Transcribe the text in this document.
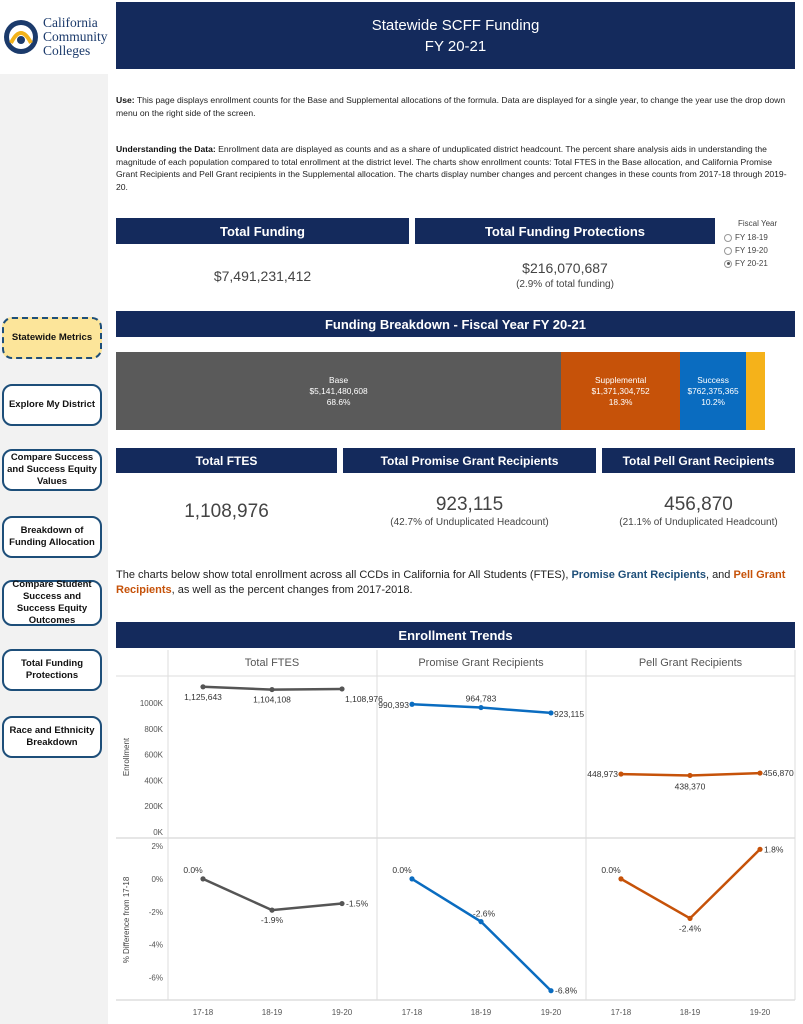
California
Community
Colleges
Statewide Metrics
Explore My District
Compare Success and Success Equity Values
Breakdown of Funding Allocation
Compare Student Success and Success Equity Outcomes
Total Funding Protections
Race and Ethnicity Breakdown
Statewide SCFF Funding
FY 20-21
Use: This page displays enrollment counts for the Base and Supplemental allocations of the formula. Data are displayed for a single year, to change the year use the drop down menu on the right side of the screen.
Understanding the Data: Enrollment data are displayed as counts and as a share of unduplicated district headcount. The percent share analysis aids in understanding the magnitude of each population compared to total enrollment at the district level. The charts show enrollment counts: Total FTES in the Base allocation, and California Promise Grant Recipients and Pell Grant recipients in the Supplemental allocation. The charts display number changes and percent changes in these counts from 2017-18 through 2019-20.
Total Funding	Total Funding Protections
$7,491,231,412	$216,070,687
(2.9% of total funding)
Fiscal Year
FY 18-19
FY 19-20
FY 20-21
Funding Breakdown - Fiscal Year FY 20-21
Base
$5,141,480,608
68.6%
Supplemental
$1,371,304,752
18.3%
Success
$762,375,365
10.2%
Total FTES	Total Promise Grant Recipients	Total Pell Grant Recipients
1,108,976	923,115
(42.7% of Unduplicated Headcount)
456,870
(21.1% of Unduplicated Headcount)
The charts below show total enrollment across all CCDs in California for All Students (FTES), Promise Grant Recipients, and Pell Grant Recipients, as well as the percent changes from 2017-2018.
Enrollment Trends
Total FTES	Promise Grant Recipients	Pell Grant Recipients
0K
200K
400K
600K
800K
1000K
Enrollment
1,125,643	1,104,108	1,108,976
990,393
964,783
923,115
448,973
438,370
456,870
2%
0%
-2%
-4%
-6%
% Difference from 17-18
0.0%
-1.9%
-1.5%
17-18	18-19	19-20
0.0%
-2.6%
-6.8%
17-18	18-19	19-20
0.0%
-2.4%
1.8%
17-18	18-19	19-20
